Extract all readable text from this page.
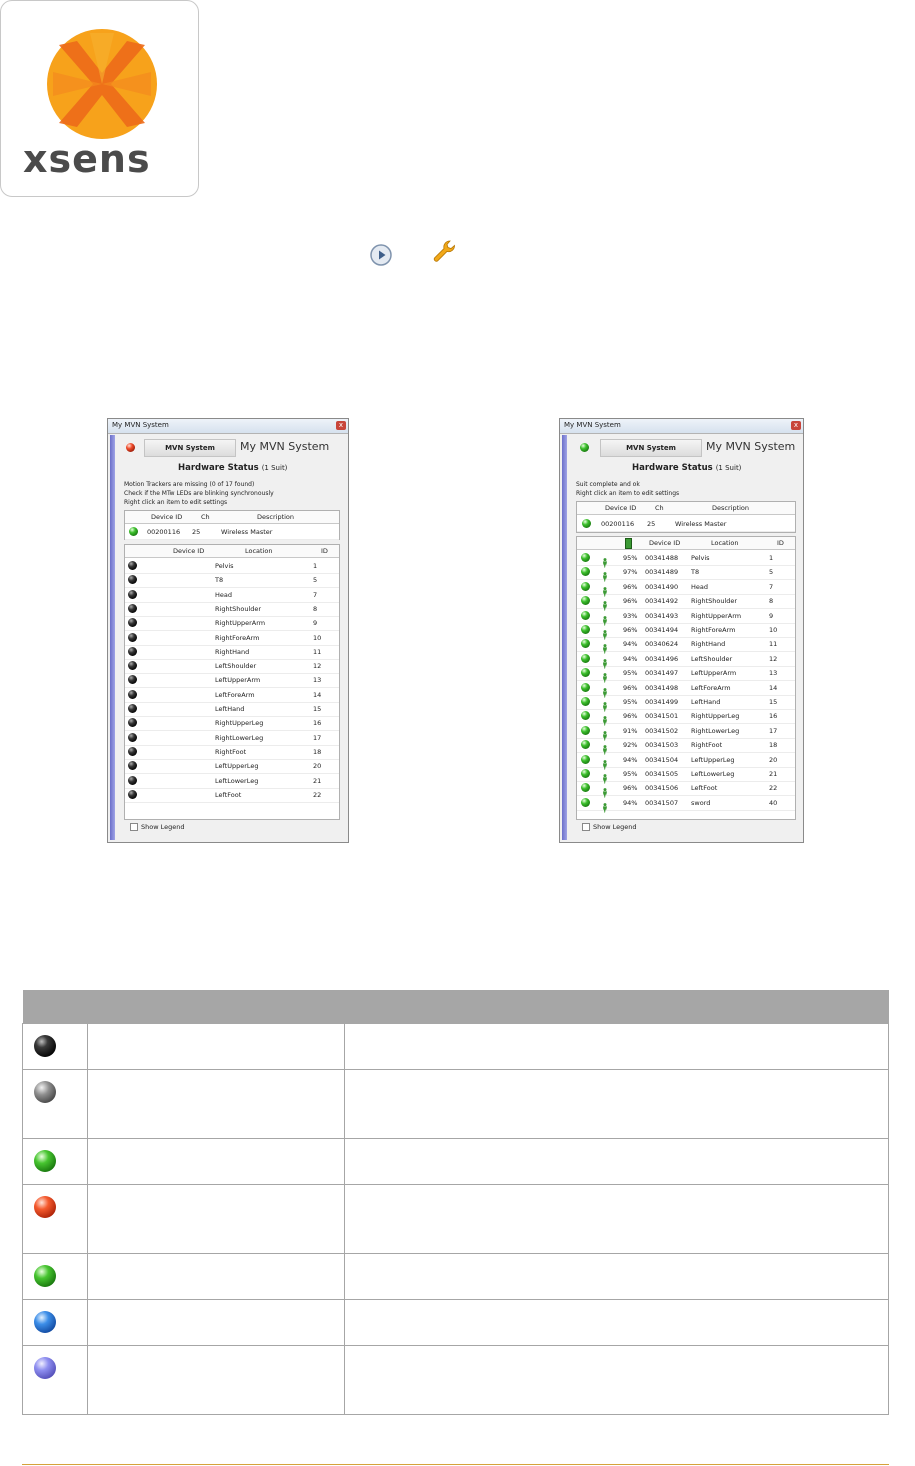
xsens
My MVN System	x
MVN System	My MVN System
Hardware Status (1 Suit)
Motion Trackers are missing (0 of 17 found)
Check if the MTw LEDs are blinking synchronously
Right click an item to edit settings
Device ID	Ch	Description
00200116 25	Wireless Master
Device ID	Location	ID
Pelvis	1
T8	5
Head	7
RightShoulder	8
RightUpperArm	9
RightForeArm	10
RightHand	11
LeftShoulder	12
LeftUpperArm	13
LeftForeArm	14
LeftHand	15
RightUpperLeg	16
RightLowerLeg	17
RightFoot	18
LeftUpperLeg	20
LeftLowerLeg	21
LeftFoot	22
Show Legend
My MVN System	x
MVN System	My MVN System
Hardware Status (1 Suit)
Suit complete and ok
Right click an item to edit settings
Device ID	Ch	Description
00200116 25	Wireless Master
Device ID	Location	ID
95% 00341488 Pelvis	1
97% 00341489 T8	5
96% 00341490 Head	7
96% 00341492 RightShoulder	8
93% 00341493 RightUpperArm	9
96% 00341494 RightForeArm	10
94% 00340624 RightHand	11
94% 00341496 LeftShoulder	12
95% 00341497 LeftUpperArm	13
96% 00341498 LeftForeArm	14
95% 00341499 LeftHand	15
96% 00341501 RightUpperLeg	16
91% 00341502 RightLowerLeg	17
92% 00341503 RightFoot	18
94% 00341504 LeftUpperLeg	20
95% 00341505 LeftLowerLeg	21
96% 00341506 LeftFoot	22
94% 00341507 sword	40
Show Legend
